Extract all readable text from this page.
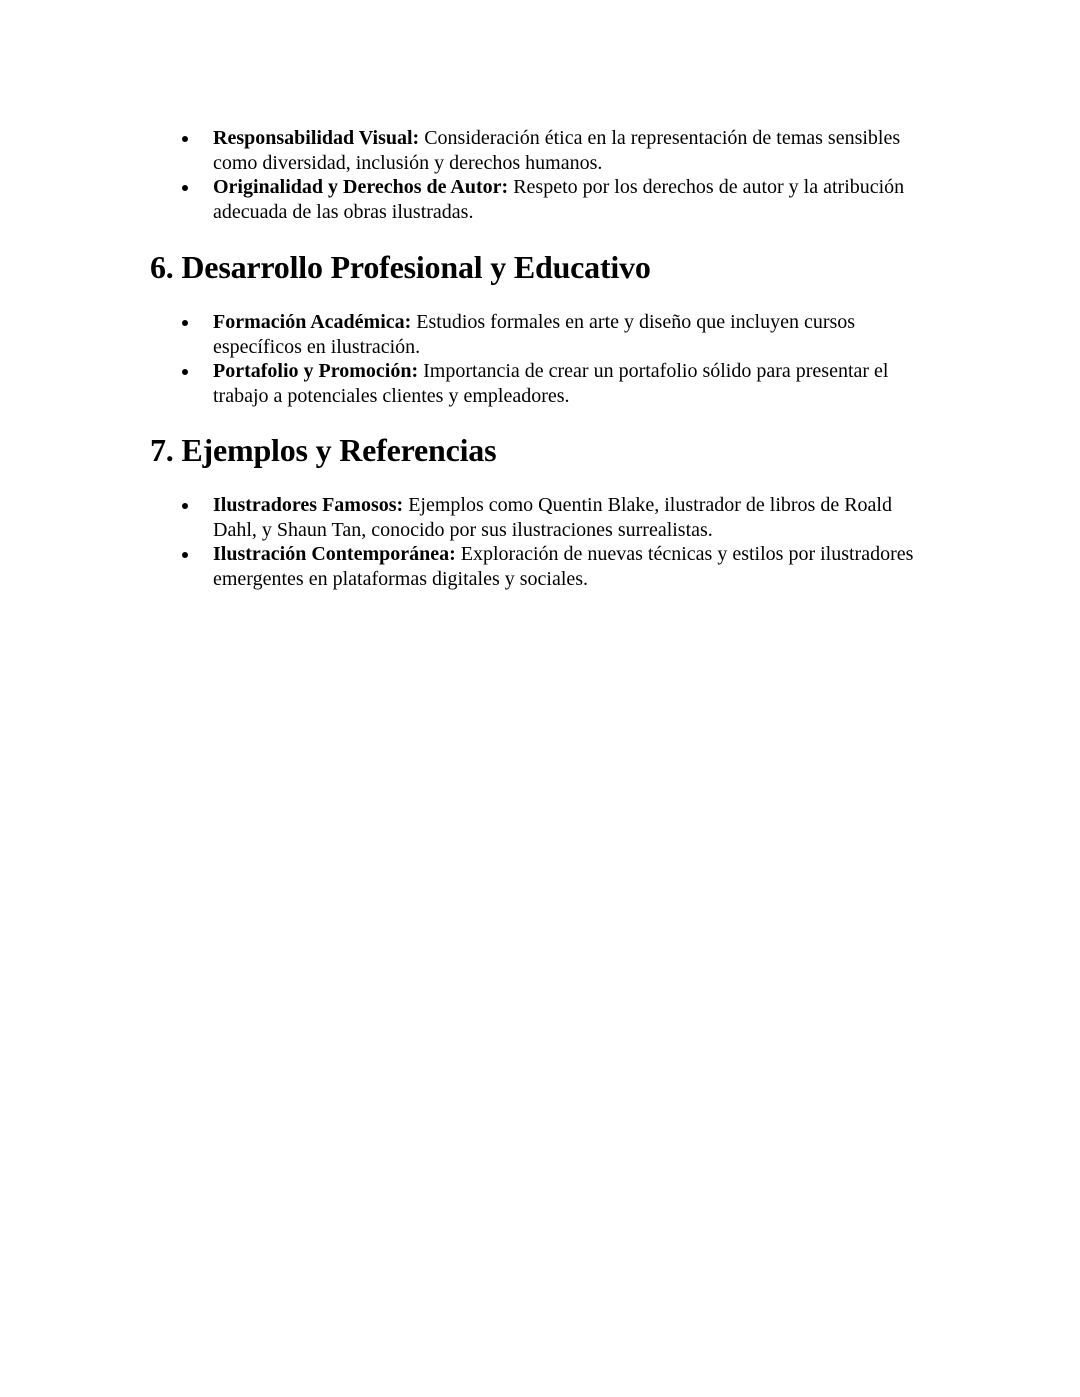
Responsabilidad Visual: Consideración ética en la representación de temas sensibles como diversidad, inclusión y derechos humanos.
Originalidad y Derechos de Autor: Respeto por los derechos de autor y la atribución adecuada de las obras ilustradas.
6. Desarrollo Profesional y Educativo
Formación Académica: Estudios formales en arte y diseño que incluyen cursos específicos en ilustración.
Portafolio y Promoción: Importancia de crear un portafolio sólido para presentar el trabajo a potenciales clientes y empleadores.
7. Ejemplos y Referencias
Ilustradores Famosos: Ejemplos como Quentin Blake, ilustrador de libros de Roald Dahl, y Shaun Tan, conocido por sus ilustraciones surrealistas.
Ilustración Contemporánea: Exploración de nuevas técnicas y estilos por ilustradores emergentes en plataformas digitales y sociales.
